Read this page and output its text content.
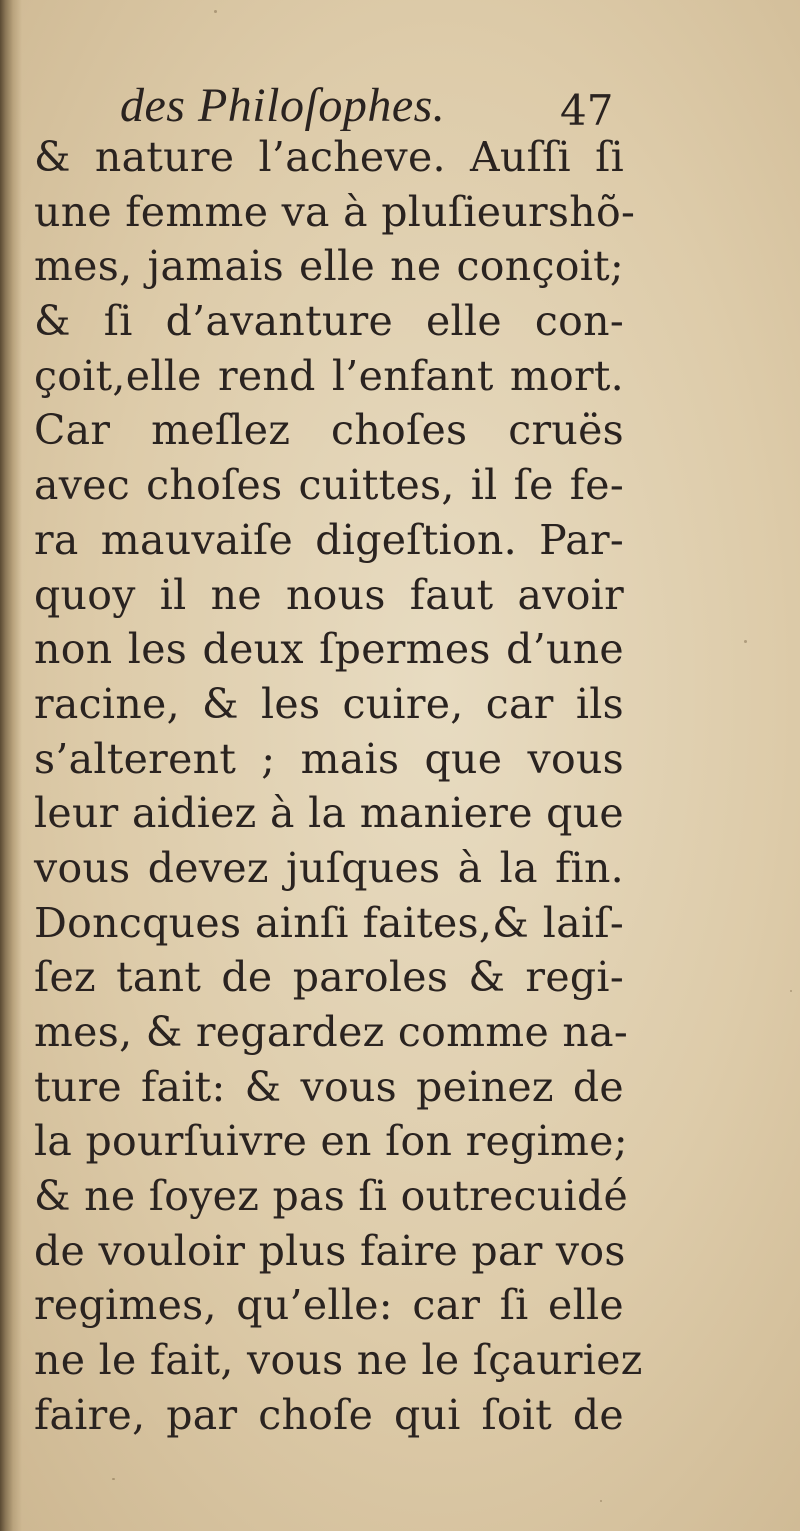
des Philoſophes.	47
& nature l’acheve. Auſſi ſi
une femme va à pluſieurshõ-
mes, jamais elle ne conçoit;
& ſi d’avanture elle con-
çoit,elle rend l’enfant mort.
Car meſlez choſes cruës
avec choſes cuittes, il ſe fe-
ra mauvaiſe digeſtion. Par-
quoy il ne nous faut avoir
non les deux ſpermes d’une
racine, & les cuire, car ils
s’alterent ; mais que vous
leur aidiez à la maniere que
vous devez juſques à la fin.
Doncques ainſi faites,& laiſ-
ſez tant de paroles & regi-
mes, & regardez comme na-
ture fait: & vous peinez de
la pourſuivre en ſon regime;
& ne ſoyez pas ſi outrecuidé
de vouloir plus faire par vos
regimes, qu’elle: car ſi elle
ne le fait, vous ne le ſçauriez
faire, par choſe qui ſoit de
